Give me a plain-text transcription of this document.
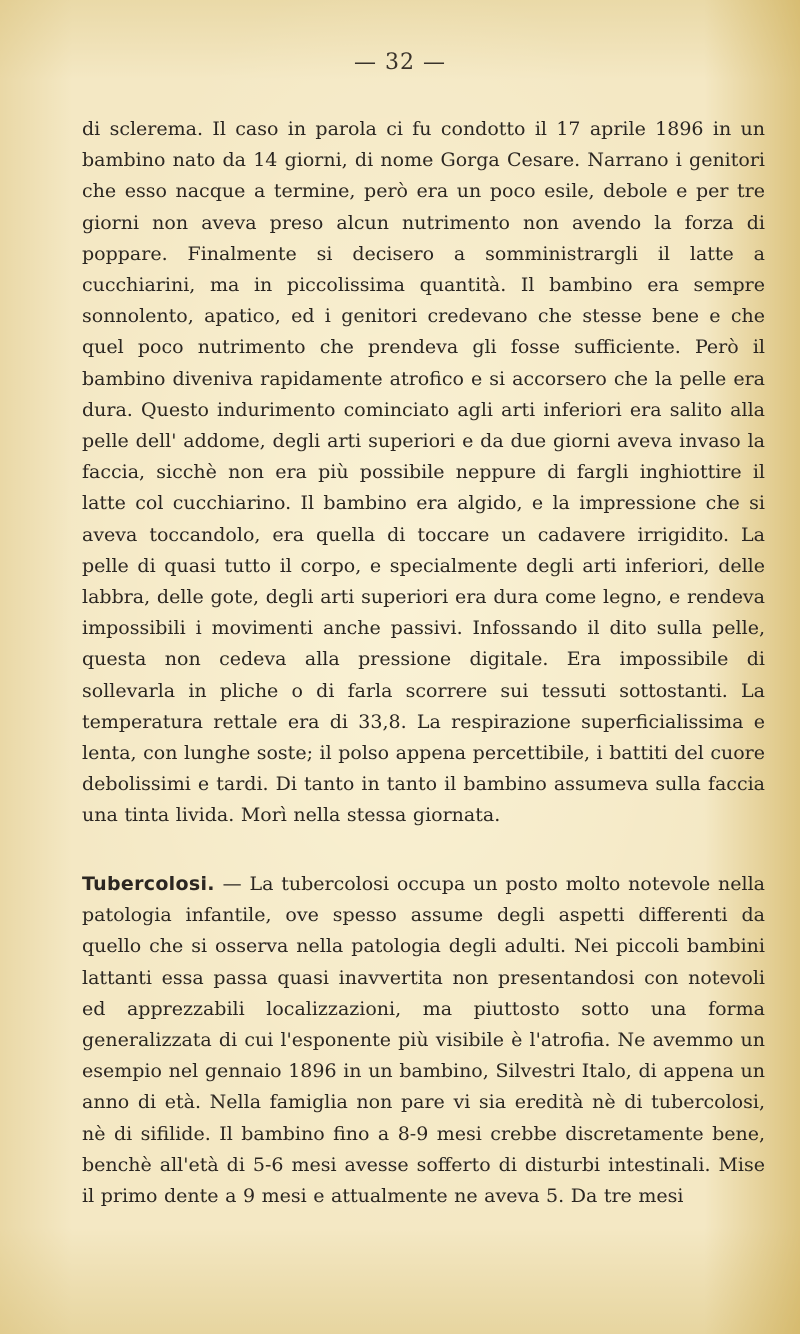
— 32 —

di sclerema. Il caso in parola ci fu condotto il 17 aprile 1896 in un bambino nato da 14 giorni, di nome Gorga Cesare. Narrano i genitori che esso nacque a termine, però era un poco esile, debole e per tre giorni non aveva preso alcun nutrimento non avendo la forza di poppare. Finalmente si decisero a somministrargli il latte a cucchiarini, ma in piccolissima quantità. Il bambino era sempre sonnolento, apatico, ed i genitori credevano che stesse bene e che quel poco nutrimento che prendeva gli fosse sufficiente. Però il bambino diveniva rapidamente atrofico e si accorsero che la pelle era dura. Questo indurimento cominciato agli arti inferiori era salito alla pelle dell' addome, degli arti superiori e da due giorni aveva invaso la faccia, sicchè non era più possibile neppure di fargli inghiottire il latte col cucchiarino. Il bambino era algido, e la impressione che si aveva toccandolo, era quella di toccare un cadavere irrigidito. La pelle di quasi tutto il corpo, e specialmente degli arti inferiori, delle labbra, delle gote, degli arti superiori era dura come legno, e rendeva impossibili i movimenti anche passivi. Infossando il dito sulla pelle, questa non cedeva alla pressione digitale. Era impossibile di sollevarla in pliche o di farla scorrere sui tessuti sottostanti. La temperatura rettale era di 33,8. La respirazione superficialissima e lenta, con lunghe soste; il polso appena percettibile, i battiti del cuore debolissimi e tardi. Di tanto in tanto il bambino assumeva sulla faccia una tinta livida. Morì nella stessa giornata.

Tubercolosi. — La tubercolosi occupa un posto molto notevole nella patologia infantile, ove spesso assume degli aspetti differenti da quello che si osserva nella patologia degli adulti. Nei piccoli bambini lattanti essa passa quasi inavvertita non presentandosi con notevoli ed apprezzabili localizzazioni, ma piuttosto sotto una forma generalizzata di cui l'esponente più visibile è l'atrofia. Ne avemmo un esempio nel gennaio 1896 in un bambino, Silvestri Italo, di appena un anno di età. Nella famiglia non pare vi sia eredità nè di tubercolosi, nè di sifilide. Il bambino fino a 8-9 mesi crebbe discretamente bene, benchè all'età di 5-6 mesi avesse sofferto di disturbi intestinali. Mise il primo dente a 9 mesi e attualmente ne aveva 5. Da tre mesi
